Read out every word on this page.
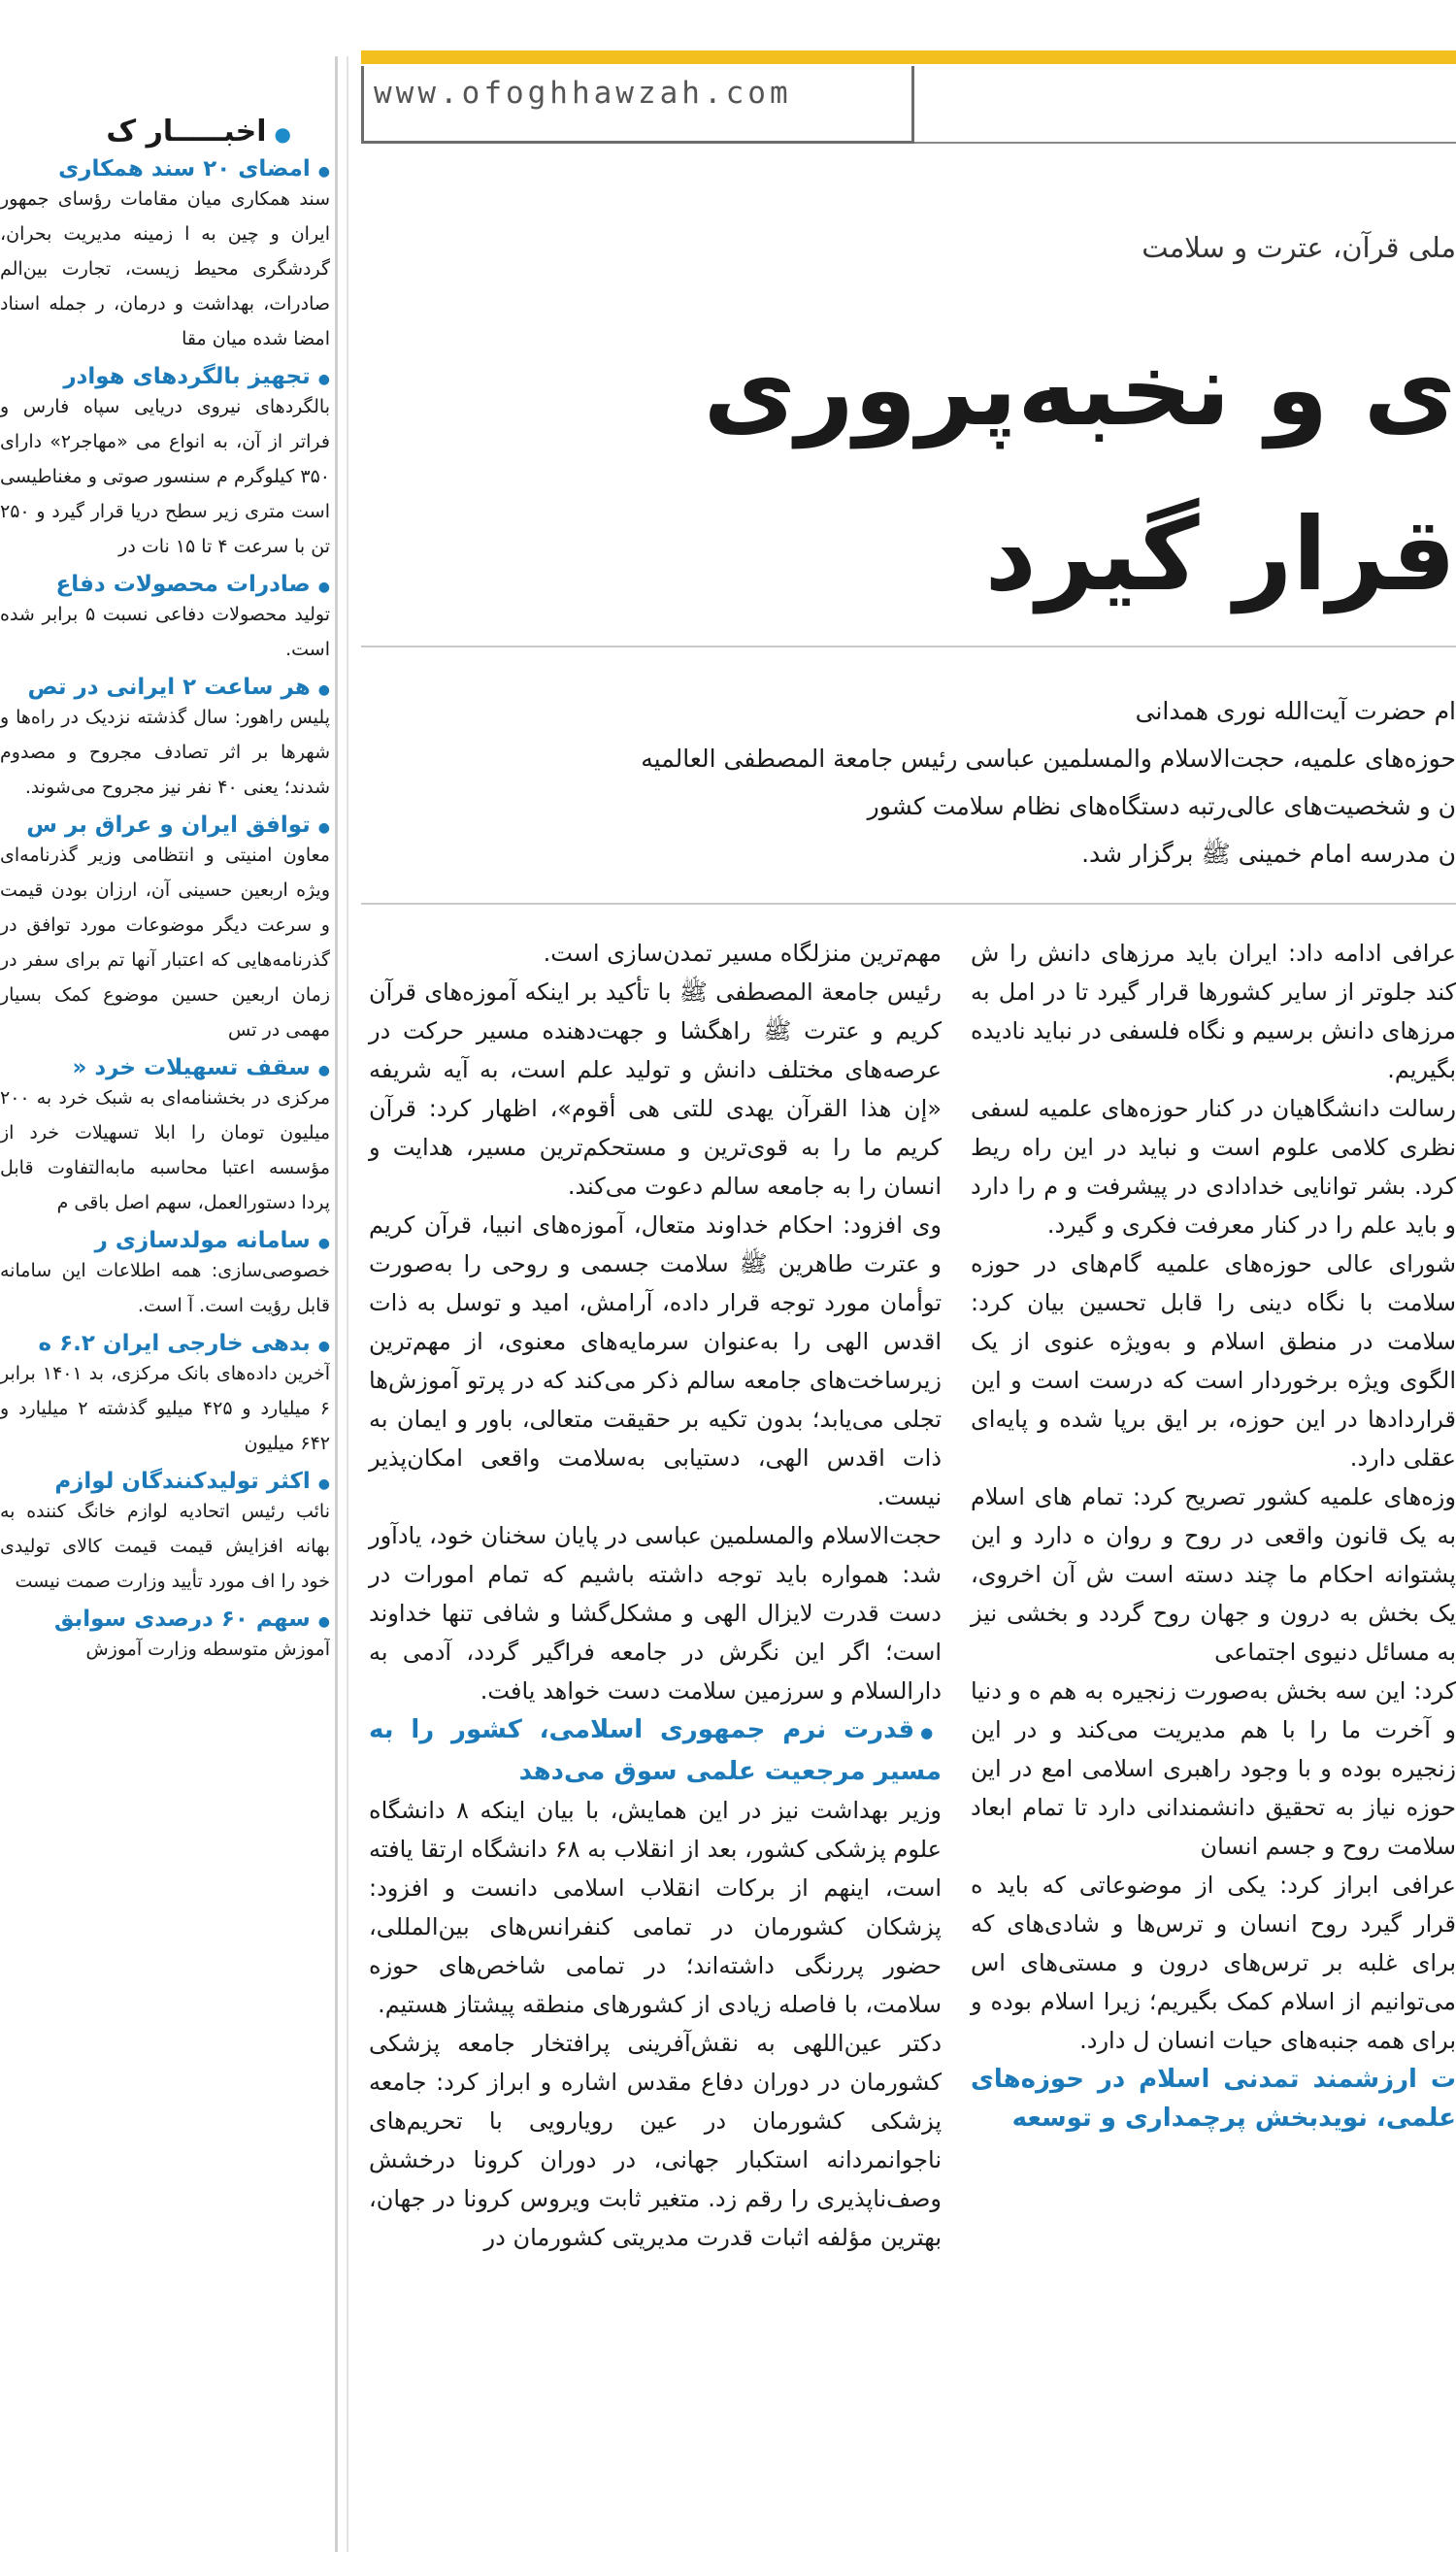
●اخبـــــار ک
●امضای ۲۰ سند همکاری
سند همکاری میان مقامات رؤسای جمهور ایران و چین به ا زمینه مدیریت بحران، گردشگری محیط زیست، تجارت بین‌الم صادرات، بهداشت و درمان، ر جمله اسناد امضا شده میان مقا
●تجهیز بالگردهای هوادر
بالگردهای نیروی دریایی سپاه فارس و فراتر از آن، به انواع می «مهاجر۲» دارای ۳۵۰ کیلوگرم م سنسور صوتی و مغناطیسی است متری زیر سطح دریا قرار گیرد و ۲۵۰ تن با سرعت ۴ تا ۱۵ نات در
●صادرات محصولات دفاع
تولید محصولات دفاعی نسبت ۵ برابر شده است.
●هر ساعت ۲ ایرانی در تص
پلیس راهور: سال گذشته نزدیک در راه‌ها و شهرها بر اثر تصادف مجروح و مصدوم شدند؛ یعنی ۴۰ نفر نیز مجروح می‌شوند.
●توافق ایران و عراق بر س
معاون امنیتی و انتظامی وزیر گذرنامه‌ای ویژه اربعین حسینی آن، ارزان بودن قیمت و سرعت دیگر موضوعات مورد توافق در گذرنامه‌هایی که اعتبار آنها تم برای سفر در زمان اربعین حسین موضوع کمک بسیار مهمی در تس
●سقف تسهیلات خرد «
مرکزی در بخشنامه‌ای به شبک خرد به ۲۰۰ میلیون تومان را ابلا تسهیلات خرد از مؤسسه اعتبا محاسبه مابه‌التفاوت قابل پردا دستورالعمل، سهم اصل باقی م
●سامانه مولدسازی ر
خصوصی‌سازی: همه اطلاعات این سامانه قابل رؤیت است. آ است.
●بدهی خارجی ایران ۶.۲ ه
آخرین داده‌های بانک مرکزی، بد ۱۴۰۱ برابر ۶ میلیارد و ۴۲۵ میلیو گذشته ۲ میلیارد و ۶۴۲ میلیون
●اکثر تولیدکنندگان لوازم
نائب رئیس اتحادیه لوازم خانگ کننده به بهانه افزایش قیمت قیمت کالای تولیدی خود را اف مورد تأیید وزارت صمت نیست
●سهم ۶۰ درصدی سوابق
آموزش متوسطه وزارت آموزش
www.ofoghhawzah.com
ملی قرآن، عترت و سلامت
ی و نخبه‌پروری
قرار گیرد
ام حضرت آیت‌الله نوری همدانی
حوزه‌های علمیه، حجت‌الاسلام والمسلمین عباسی رئیس جامعة المصطفی العالمیه
ن و شخصیت‌های عالی‌رتبه دستگاه‌های نظام سلامت کشور
ن مدرسه امام خمینی ﷺ برگزار شد.
مهم‌ترین منزلگاه مسیر تمدن‌سازی است.
رئیس جامعة المصطفی ﷺ با تأکید بر اینکه آموزه‌های قرآن کریم و عترت ﷺ راهگشا و جهت‌دهنده مسیر حرکت در عرصه‌های مختلف دانش و تولید علم است، به آیه شریفه «إن هذا القرآن یهدی للتی هی أقوم»، اظهار کرد: قرآن کریم ما را به قوی‌ترین و مستحکم‌ترین مسیر، هدایت و انسان را به جامعه سالم دعوت می‌کند.
وی افزود: احکام خداوند متعال، آموزه‌های انبیا، قرآن کریم و عترت طاهرین ﷺ سلامت جسمی و روحی را به‌صورت توأمان مورد توجه قرار داده، آرامش، امید و توسل به ذات اقدس الهی را به‌عنوان سرمایه‌های معنوی، از مهم‌ترین زیرساخت‌های جامعه سالم ذکر می‌کند که در پرتو آموزش‌ها تجلی می‌یابد؛ بدون تکیه بر حقیقت متعالی، باور و ایمان به ذات اقدس الهی، دستیابی به‌سلامت واقعی امکان‌پذیر نیست.
حجت‌الاسلام والمسلمین عباسی در پایان سخنان خود، یادآور شد: همواره باید توجه داشته باشیم که تمام امورات در دست قدرت لایزال الهی و مشکل‌گشا و شافی تنها خداوند است؛ اگر این نگرش در جامعه فراگیر گردد، آدمی به دارالسلام و سرزمین سلامت دست خواهد یافت.
●قدرت نرم جمهوری اسلامی، کشور را به مسیر مرجعیت علمی سوق می‌دهد
وزیر بهداشت نیز در این همایش، با بیان اینکه ۸ دانشگاه علوم پزشکی کشور، بعد از انقلاب به ۶۸ دانشگاه ارتقا یافته است، اینهم از برکات انقلاب اسلامی دانست و افزود: پزشکان کشورمان در تمامی کنفرانس‌های بین‌المللی، حضور پررنگی داشته‌اند؛ در تمامی شاخص‌های حوزه سلامت، با فاصله زیادی از کشورهای منطقه پیشتاز هستیم.
دکتر عین‌اللهی به نقش‌آفرینی پرافتخار جامعه پزشکی کشورمان در دوران دفاع مقدس اشاره و ابراز کرد: جامعه پزشکی کشورمان در عین رویارویی با تحریم‌های ناجوانمردانه استکبار جهانی، در دوران کرونا درخشش وصف‌ناپذیری را رقم زد. متغیر ثابت ویروس کرونا در جهان، بهترین مؤلفه اثبات قدرت مدیریتی کشورمان در
عرافی ادامه داد: ایران باید مرزهای دانش را ش کند جلوتر از سایر کشورها قرار گیرد تا در امل به مرزهای دانش برسیم و نگاه فلسفی در نباید نادیده بگیریم.
رسالت دانشگاهیان در کنار حوزه‌های علمیه لسفی نظری کلامی علوم است و نباید در این راه ریط کرد. بشر توانایی خدادادی در پیشرفت و م را دارد و باید علم را در کنار معرفت فکری و گیرد.
شورای عالی حوزه‌های علمیه گام‌های در حوزه سلامت با نگاه دینی را قابل تحسین بیان کرد: سلامت در منطق اسلام و به‌ویژه عنوی از یک الگوی ویژه برخوردار است که درست است و این قراردادها در این حوزه، بر ایق برپا شده و پایه‌ای عقلی دارد.
وزه‌های علمیه کشور تصریح کرد: تمام های اسلام به یک قانون واقعی در روح و روان ه دارد و این پشتوانه احکام ما چند دسته است ش آن اخروی، یک بخش به درون و جهان روح گردد و بخشی نیز به مسائل دنیوی اجتماعی
کرد: این سه بخش به‌صورت زنجیره به هم ه و دنیا و آخرت ما را با هم مدیریت می‌کند و در این زنجیره بوده و با وجود راهبری اسلامی امع در این حوزه نیاز به تحقیق دانشمندانی دارد تا تمام ابعاد سلامت روح و جسم انسان
عرافی ابراز کرد: یکی از موضوعاتی که باید ه قرار گیرد روح انسان و ترس‌ها و شادی‌های که برای غلبه بر ترس‌های درون و مستی‌های اس می‌توانیم از اسلام کمک بگیریم؛ زیرا اسلام بوده و برای همه جنبه‌های حیات انسان ل دارد.
ت ارزشمند تمدنی اسلام در حوزه‌های علمی، نویدبخش پرچمداری و توسعه
